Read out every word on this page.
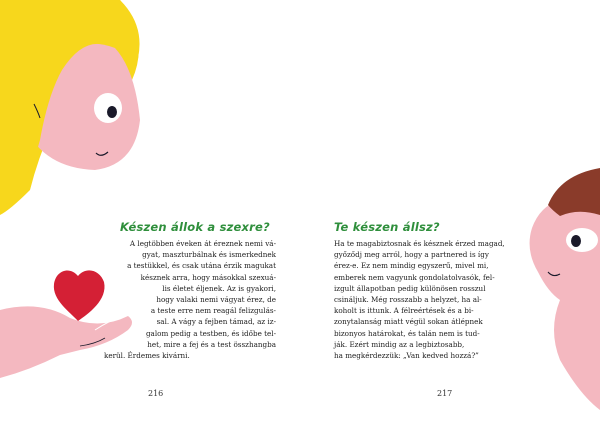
Készen állok a szexre?
A legtöbben éveken át éreznek nemi vá-
gyat, maszturbálnak és ismerkednek
a testükkel, és csak utána érzik magukat
késznek arra, hogy másokkal szexuá-
lis életet éljenek. Az is gyakori,
hogy valaki nemi vágyat érez, de
a teste erre nem reagál felizgulás-
sal. A vágy a fejben támad, az iz-
galom pedig a testben, és időbe tel-
het, mire a fej és a test összhangba
kerül. Érdemes kivárni.
216
Te készen állsz?
Ha te magabiztosnak és késznek érzed magad,
győződj meg arról, hogy a partnered is így
érez-e. Ez nem mindig egyszerű, mivel mi,
emberek nem vagyunk gondolatolvasók, fel-
izgult állapotban pedig különösen rosszul
csináljuk. Még rosszabb a helyzet, ha al-
koholt is ittunk. A félreértések és a bi-
zonytalanság miatt végül sokan átlépnek
bizonyos határokat, és talán nem is tud-
ják. Ezért mindig az a legbiztosabb,
ha megkérdezzük: „Van kedved hozzá?”
217
